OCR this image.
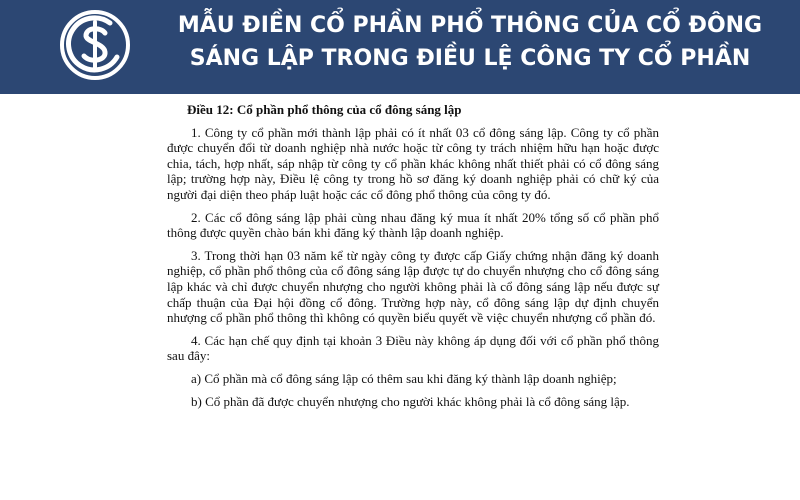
MẪU ĐIỀN CỔ PHẦN PHỔ THÔNG CỦA CỔ ĐÔNG
SÁNG LẬP TRONG ĐIỀU LỆ CÔNG TY CỔ PHẦN
Điều 12: Cổ phần phổ thông của cổ đông sáng lập

1. Công ty cổ phần mới thành lập phải có ít nhất 03 cổ đông sáng lập. Công ty cổ phần được chuyển đổi từ doanh nghiệp nhà nước hoặc từ công ty trách nhiệm hữu hạn hoặc được chia, tách, hợp nhất, sáp nhập từ công ty cổ phần khác không nhất thiết phải có cổ đông sáng lập; trường hợp này, Điều lệ công ty trong hồ sơ đăng ký doanh nghiệp phải có chữ ký của người đại diện theo pháp luật hoặc các cổ đông phổ thông của công ty đó.

2. Các cổ đông sáng lập phải cùng nhau đăng ký mua ít nhất 20% tổng số cổ phần phổ thông được quyền chào bán khi đăng ký thành lập doanh nghiệp.

3. Trong thời hạn 03 năm kể từ ngày công ty được cấp Giấy chứng nhận đăng ký doanh nghiệp, cổ phần phổ thông của cổ đông sáng lập được tự do chuyển nhượng cho cổ đông sáng lập khác và chỉ được chuyển nhượng cho người không phải là cổ đông sáng lập nếu được sự chấp thuận của Đại hội đồng cổ đông. Trường hợp này, cổ đông sáng lập dự định chuyển nhượng cổ phần phổ thông thì không có quyền biểu quyết về việc chuyển nhượng cổ phần đó.

4. Các hạn chế quy định tại khoản 3 Điều này không áp dụng đối với cổ phần phổ thông sau đây:

a) Cổ phần mà cổ đông sáng lập có thêm sau khi đăng ký thành lập doanh nghiệp;

b) Cổ phần đã được chuyển nhượng cho người khác không phải là cổ đông sáng lập.
